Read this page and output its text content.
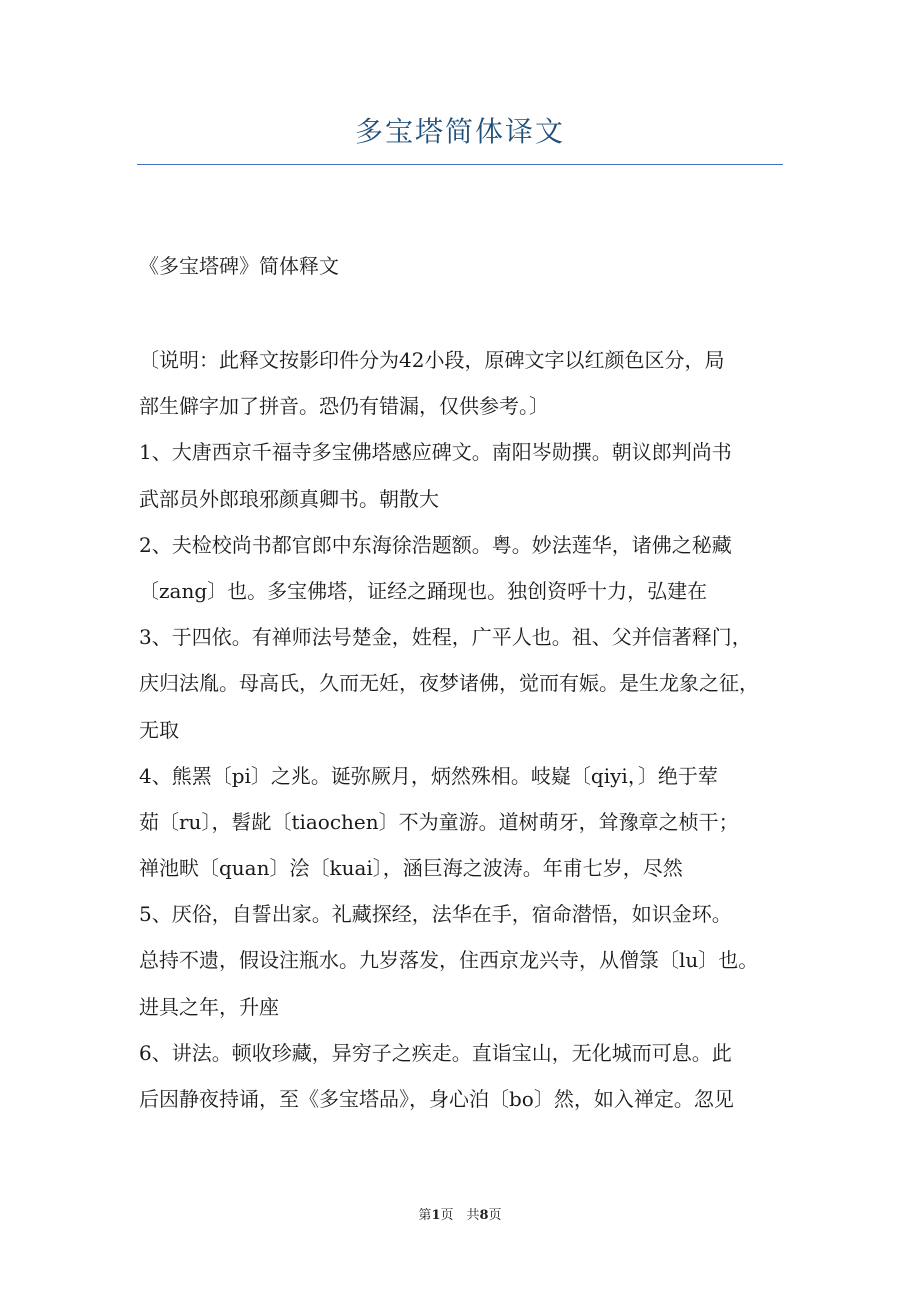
多宝塔简体译文
《多宝塔碑》简体释文
〔说明：此释文按影印件分为42小段，原碑文字以红颜色区分，局
部生僻字加了拼音。恐仍有错漏，仅供参考。〕
1、大唐西京千福寺多宝佛塔感应碑文。南阳岑勋撰。朝议郎判尚书
武部员外郎琅邪颜真卿书。朝散大
2、夫检校尚书都官郎中东海徐浩题额。粤。妙法莲华，诸佛之秘藏
〔zang〕也。多宝佛塔，证经之踊现也。独创资呼十力，弘建在
3、于四依。有禅师法号楚金，姓程，广平人也。祖、父并信著释门，
庆归法胤。母高氏，久而无妊，夜梦诸佛，觉而有娠。是生龙象之征，
无取
4、熊罴〔pi〕之兆。诞弥厥月，炳然殊相。岐嶷〔qiyi，〕绝于荤
茹〔ru〕，髫龀〔tiaochen〕不为童游。道树萌牙，耸豫章之桢干；
禅池畎〔quan〕浍〔kuai〕，涵巨海之波涛。年甫七岁，尽然
5、厌俗，自誓出家。礼藏探经，法华在手，宿命潜悟，如识金环。
总持不遗，假设注瓶水。九岁落发，住西京龙兴寺，从僧箓〔lu〕也。
进具之年，升座
6、讲法。顿收珍藏，异穷子之疾走。直诣宝山，无化城而可息。此
后因静夜持诵，至《多宝塔品》，身心泊〔bo〕然，如入禅定。忽见
第1页　共8页
